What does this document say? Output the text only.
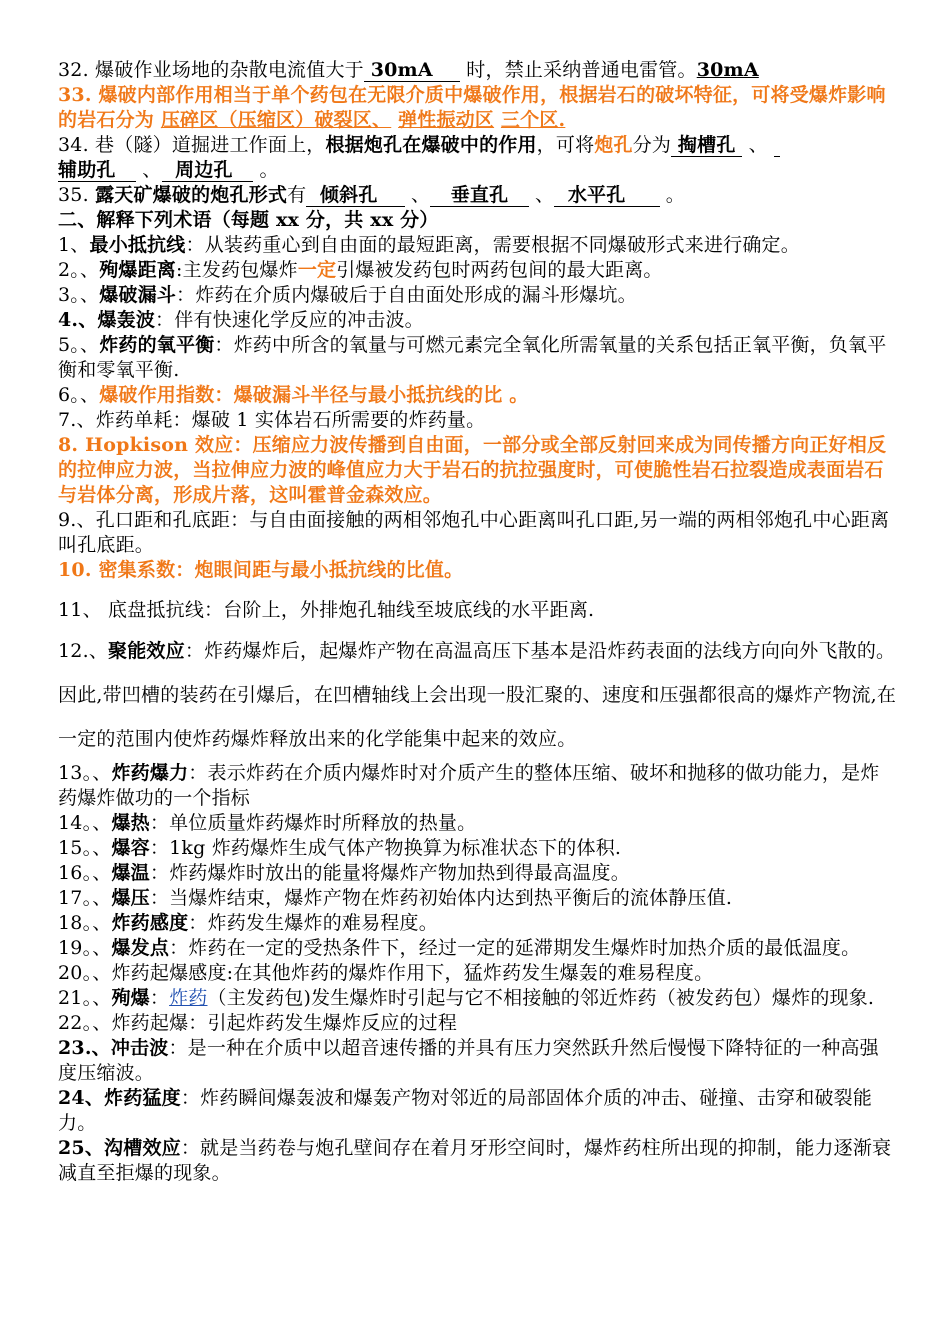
32. 爆破作业场地的杂散电流值大于 30mA 时，禁止采纳普通电雷管。30mA

33. 爆破内部作用相当于单个药包在无限介质中爆破作用，根据岩石的破坏特征，可将受爆炸影响的岩石分为 压碎区（压缩区）破裂区、 弹性振动区 三个区.

34. 巷（隧）道掘进工作面上，根据炮孔在爆破中的作用，可将炮孔分为 掏槽孔  、
辅助孔    、 周边孔 。

35. 露天矿爆破的炮孔形式有 倾斜孔     、 垂直孔    、 水平孔 。

二、解释下列术语（每题 xx 分，共 xx 分）

1、最小抵抗线：从装药重心到自由面的最短距离，需要根据不同爆破形式来进行确定。

2。、殉爆距离:主发药包爆炸一定引爆被发药包时两药包间的最大距离。

3。、爆破漏斗：炸药在介质内爆破后于自由面处形成的漏斗形爆坑。

4.、爆轰波：伴有快速化学反应的冲击波。

5。、炸药的氧平衡：炸药中所含的氧量与可燃元素完全氧化所需氧量的关系包括正氧平衡，负氧平衡和零氧平衡.

6。、爆破作用指数：爆破漏斗半径与最小抵抗线的比 。

7.、炸药单耗：爆破 1 实体岩石所需要的炸药量。

8. Hopkison 效应：压缩应力波传播到自由面，一部分或全部反射回来成为同传播方向正好相反的拉伸应力波，当拉伸应力波的峰值应力大于岩石的抗拉强度时，可使脆性岩石拉裂造成表面岩石与岩体分离，形成片落，这叫霍普金森效应。

9.、孔口距和孔底距：与自由面接触的两相邻炮孔中心距离叫孔口距,另一端的两相邻炮孔中心距离叫孔底距。

10. 密集系数：炮眼间距与最小抵抗线的比值。

11、 底盘抵抗线：台阶上，外排炮孔轴线至坡底线的水平距离.

12.、聚能效应：炸药爆炸后，起爆炸产物在高温高压下基本是沿炸药表面的法线方向向外飞散的。因此,带凹槽的装药在引爆后，在凹槽轴线上会出现一股汇聚的、速度和压强都很高的爆炸产物流,在一定的范围内使炸药爆炸释放出来的化学能集中起来的效应。

13。、炸药爆力：表示炸药在介质内爆炸时对介质产生的整体压缩、破坏和抛移的做功能力，是炸药爆炸做功的一个指标

14。、爆热：单位质量炸药爆炸时所释放的热量。

15。、爆容：1kg 炸药爆炸生成气体产物换算为标准状态下的体积.

16。、爆温：炸药爆炸时放出的能量将爆炸产物加热到得最高温度。

17。、爆压：当爆炸结束，爆炸产物在炸药初始体内达到热平衡后的流体静压值.

18。、炸药感度：炸药发生爆炸的难易程度。

19。、爆发点：炸药在一定的受热条件下，经过一定的延滞期发生爆炸时加热介质的最低温度。

20。、炸药起爆感度:在其他炸药的爆炸作用下，猛炸药发生爆轰的难易程度。

21。、殉爆：炸药（主发药包)发生爆炸时引起与它不相接触的邻近炸药（被发药包）爆炸的现象.

22。、炸药起爆：引起炸药发生爆炸反应的过程

23.、冲击波：是一种在介质中以超音速传播的并具有压力突然跃升然后慢慢下降特征的一种高强度压缩波。

24、炸药猛度：炸药瞬间爆轰波和爆轰产物对邻近的局部固体介质的冲击、碰撞、击穿和破裂能力。

25、沟槽效应：就是当药卷与炮孔壁间存在着月牙形空间时，爆炸药柱所出现的抑制，能力逐渐衰减直至拒爆的现象。
